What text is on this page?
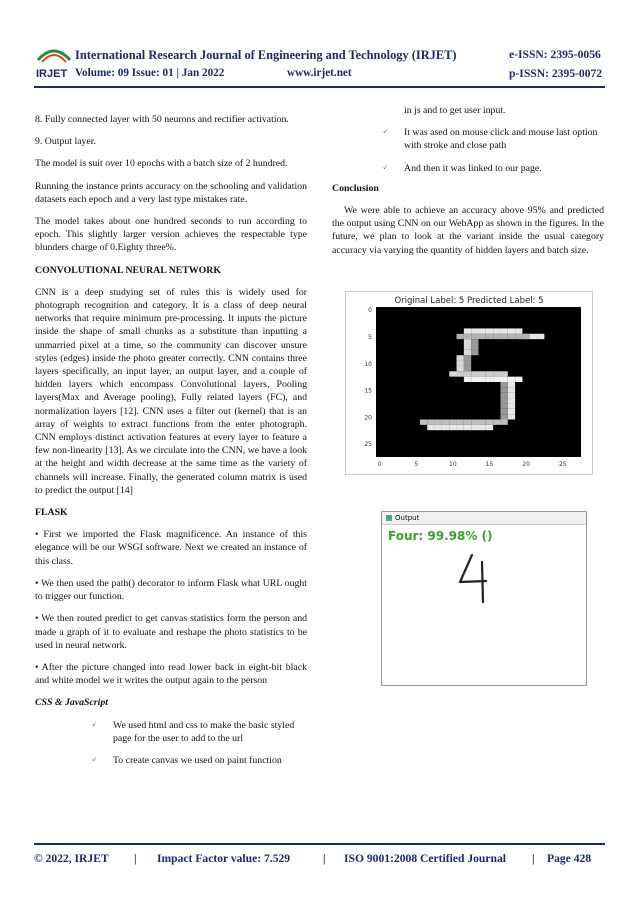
IRJET
International Research Journal of Engineering and Technology (IRJET)	e-ISSN: 2395-0056
Volume: 09 Issue: 01 | Jan 2022	www.irjet.net	p-ISSN: 2395-0072

8. Fully connected layer with 50 neurons and rectifier activation.

9. Output layer.

The model is suit over 10 epochs with a batch size of 2 hundred.

Running the instance prints accuracy on the schooling and validation datasets each epoch and a very last type mistakes rate.

The model takes about one hundred seconds to run according to epoch. This slightly larger version achieves the respectable type blunders charge of 0.Eighty three%.

CONVOLUTIONAL NEURAL NETWORK

CNN is a deep studying set of rules this is widely used for photograph recognition and category. It is a class of deep neural networks that require minimum pre-processing. It inputs the picture inside the shape of small chunks as a substitute than inputting a unmarried pixel at a time, so the community can discover unsure styles (edges) inside the photo greater correctly. CNN contains three layers specifically, an input layer, an output layer, and a couple of hidden layers which encompass Convolutional layers, Pooling layers(Max and Average pooling), Fully related layers (FC), and normalization layers [12]. CNN uses a filter out (kernel) that is an array of weights to extract functions from the enter photograph. CNN employs distinct activation features at every layer to feature a few non-linearity [13]. As we circulate into the CNN, we have a look at the height and width decrease at the same time as the variety of channels will increase. Finally, the generated column matrix is used to predict the output [14]

FLASK

• First we imported the Flask magnificence. An instance of this elegance will be our WSGI software. Next we created an instance of this class.

• We then used the path() decorator to inform Flask what URL ought to trigger our function.

• We then routed predict to get canvas statistics form the person and made a graph of it to evaluate and reshape the photo statistics to be used in neural network.

• After the picture changed into read lower back in eight-bit black and white model we it writes the output again to the person

CSS & JavaScript

🗸	We used html and css to make the basic styled page for the user to add to the url
🗸	To create canvas we used on paint function

in js and to get user input.

🗸	It was ased on mouse click and mouse last option with stroke and close path
🗸	And then it was linked to our page.

Conclusion

We were able to achieve an accuracy above 95% and predicted the output using CNN on our WebApp as shown in the figures. In the future, we plan to look at the variant inside the usual category accuracy via varying the quantity of hidden layers and batch size.

Original Label: 5 Predicted Label: 5
0
5
10
15
20
25
0	5	10	15	20	25
Output
Four: 99.98% ()
© 2022, IRJET | Impact Factor value: 7.529	| ISO 9001:2008 Certified Journal | Page 428
